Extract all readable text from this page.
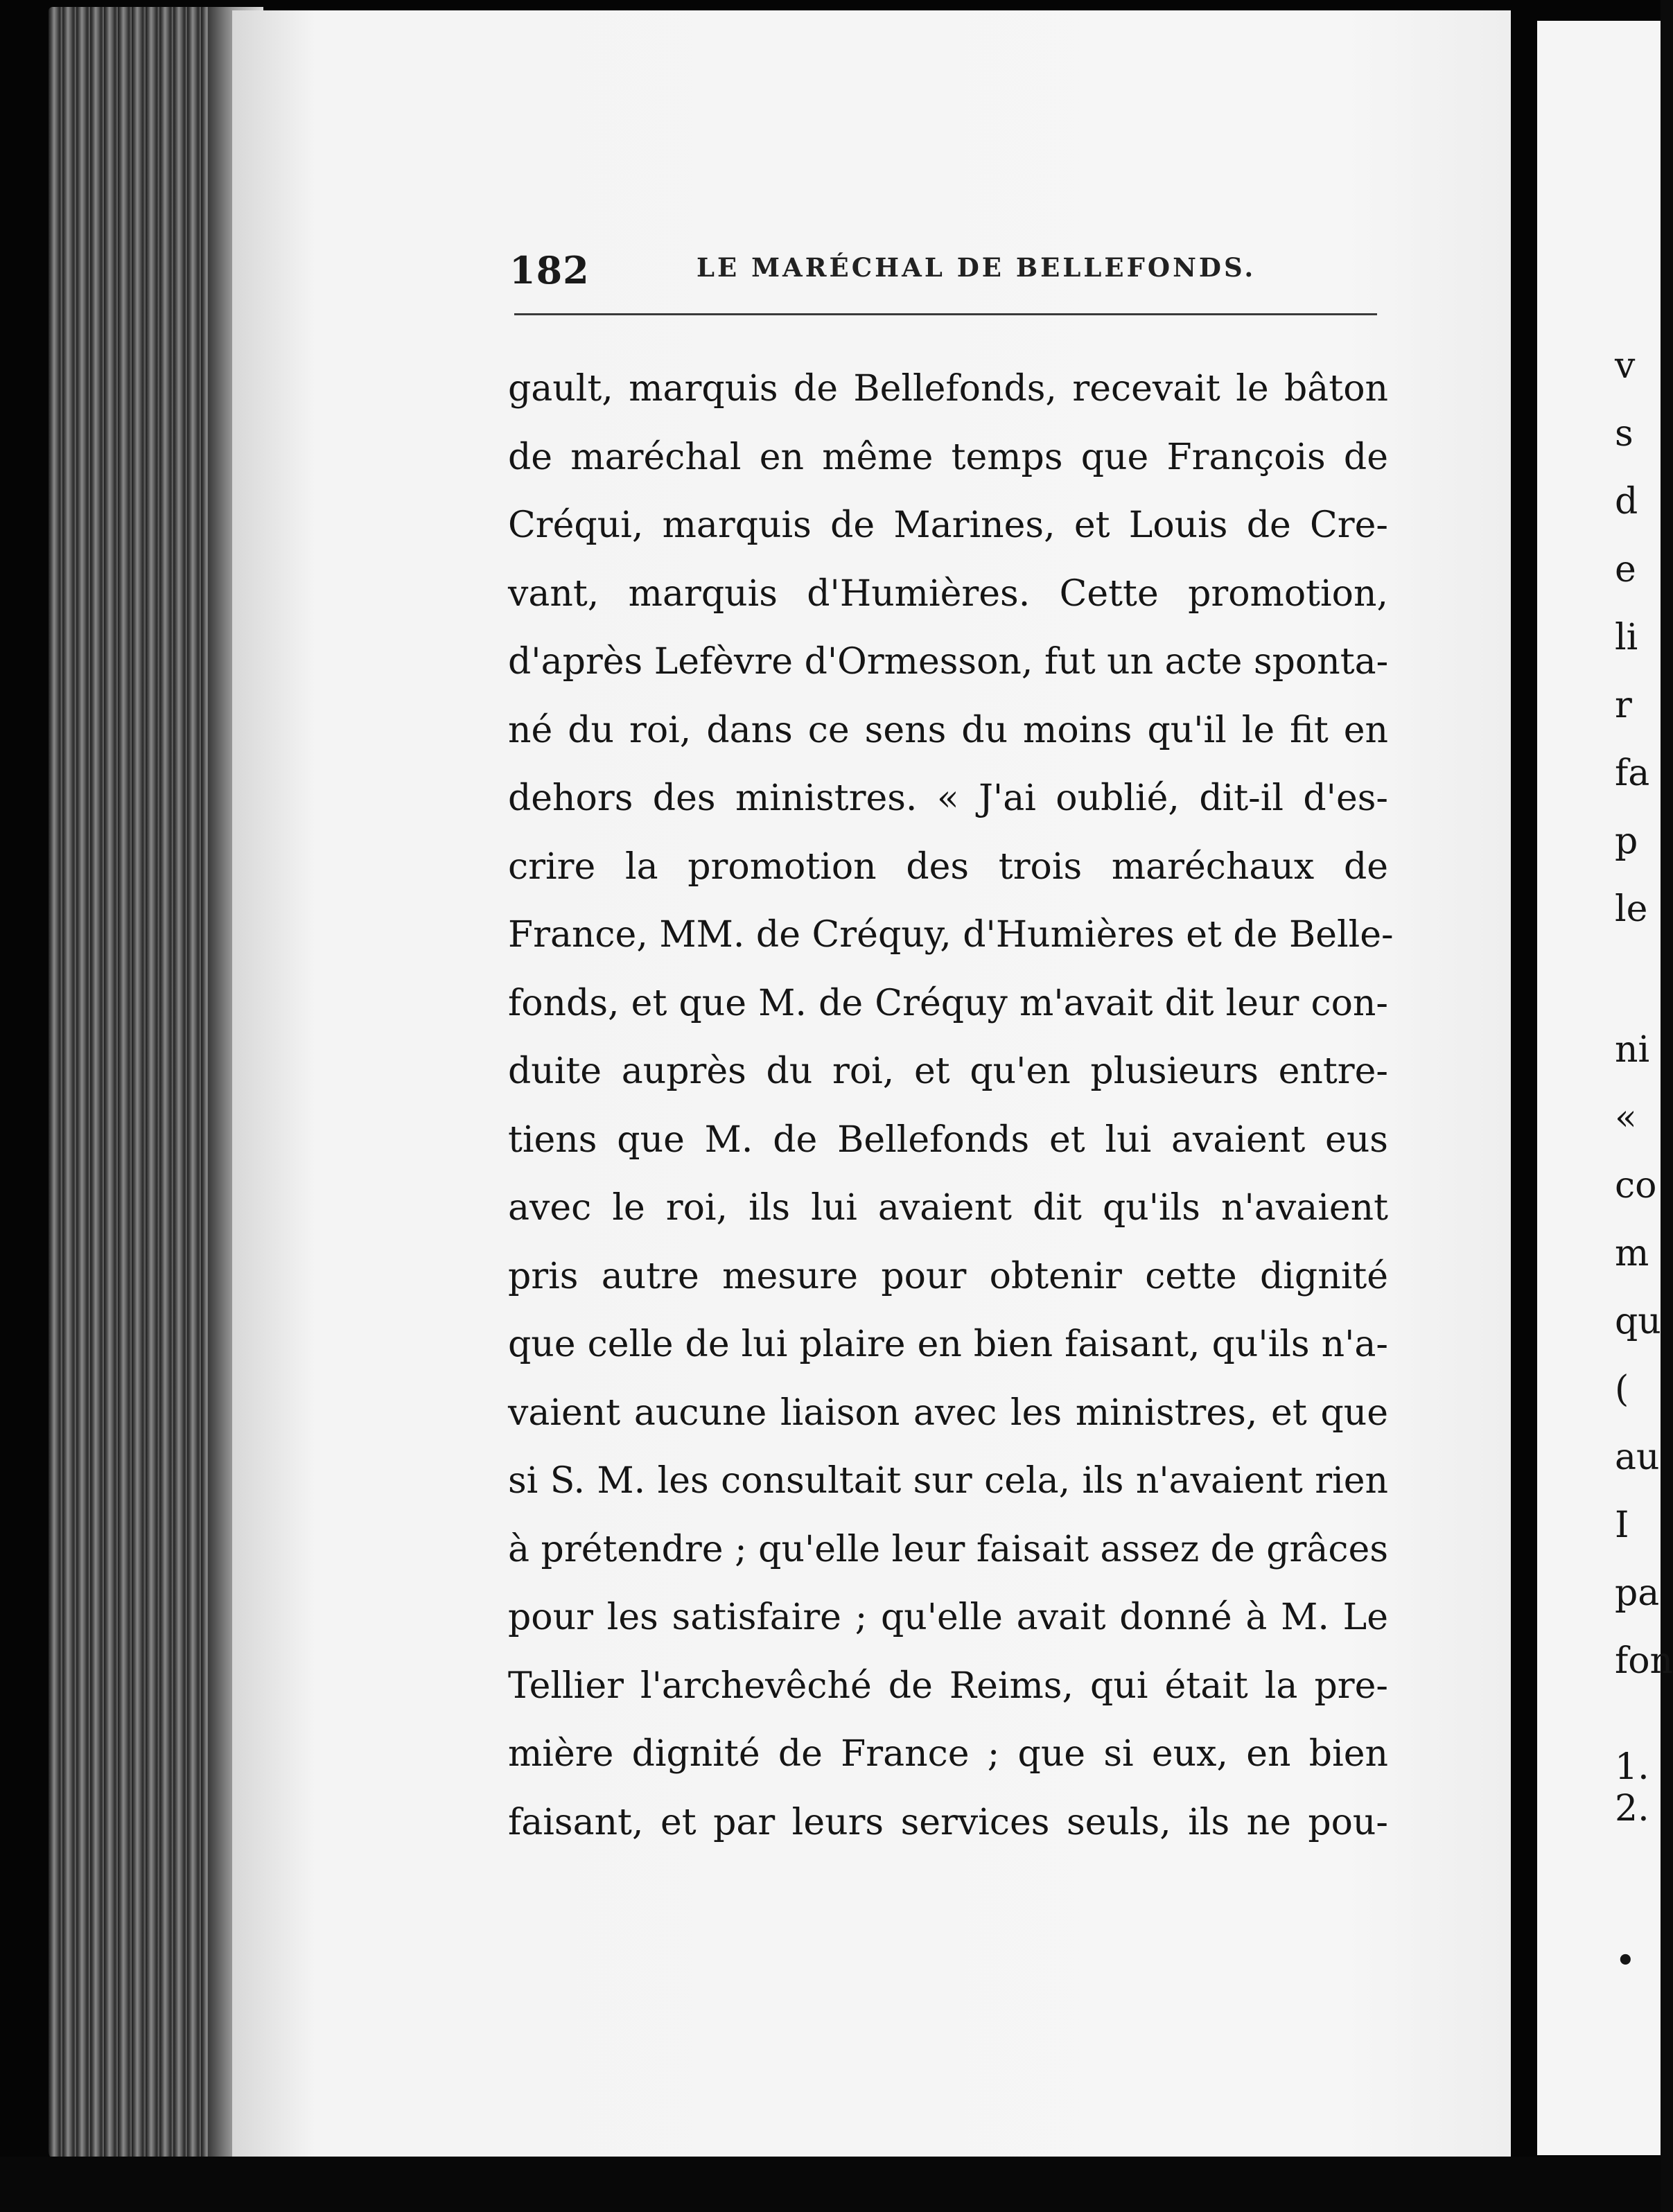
182	LE MARÉCHAL DE BELLEFONDS.
gault, marquis de Bellefonds, recevait le bâton
de maréchal en même temps que François de
Créqui, marquis de Marines, et Louis de Cre-
vant, marquis d'Humières. Cette promotion,
d'après Lefèvre d'Ormesson, fut un acte sponta-
né du roi, dans ce sens du moins qu'il le fit en
dehors des ministres. « J'ai oublié, dit-il d'es-
crire la promotion des trois maréchaux de
France, MM. de Créquy, d'Humières et de Belle-
fonds, et que M. de Créquy m'avait dit leur con-
duite auprès du roi, et qu'en plusieurs entre-
tiens que M. de Bellefonds et lui avaient eus
avec le roi, ils lui avaient dit qu'ils n'avaient
pris autre mesure pour obtenir cette dignité
que celle de lui plaire en bien faisant, qu'ils n'a-
vaient aucune liaison avec les ministres, et que
si S. M. les consultait sur cela, ils n'avaient rien
à prétendre ; qu'elle leur faisait assez de grâces
pour les satisfaire ; qu'elle avait donné à M. Le
Tellier l'archevêché de Reims, qui était la pre-
mière dignité de France ; que si eux, en bien
faisant, et par leurs services seuls, ils ne pou-
v
s
d
e
li
r
fa
p
le
ni
«
co
m
qu
(
au
I
pa
fon
1.
2.
•
